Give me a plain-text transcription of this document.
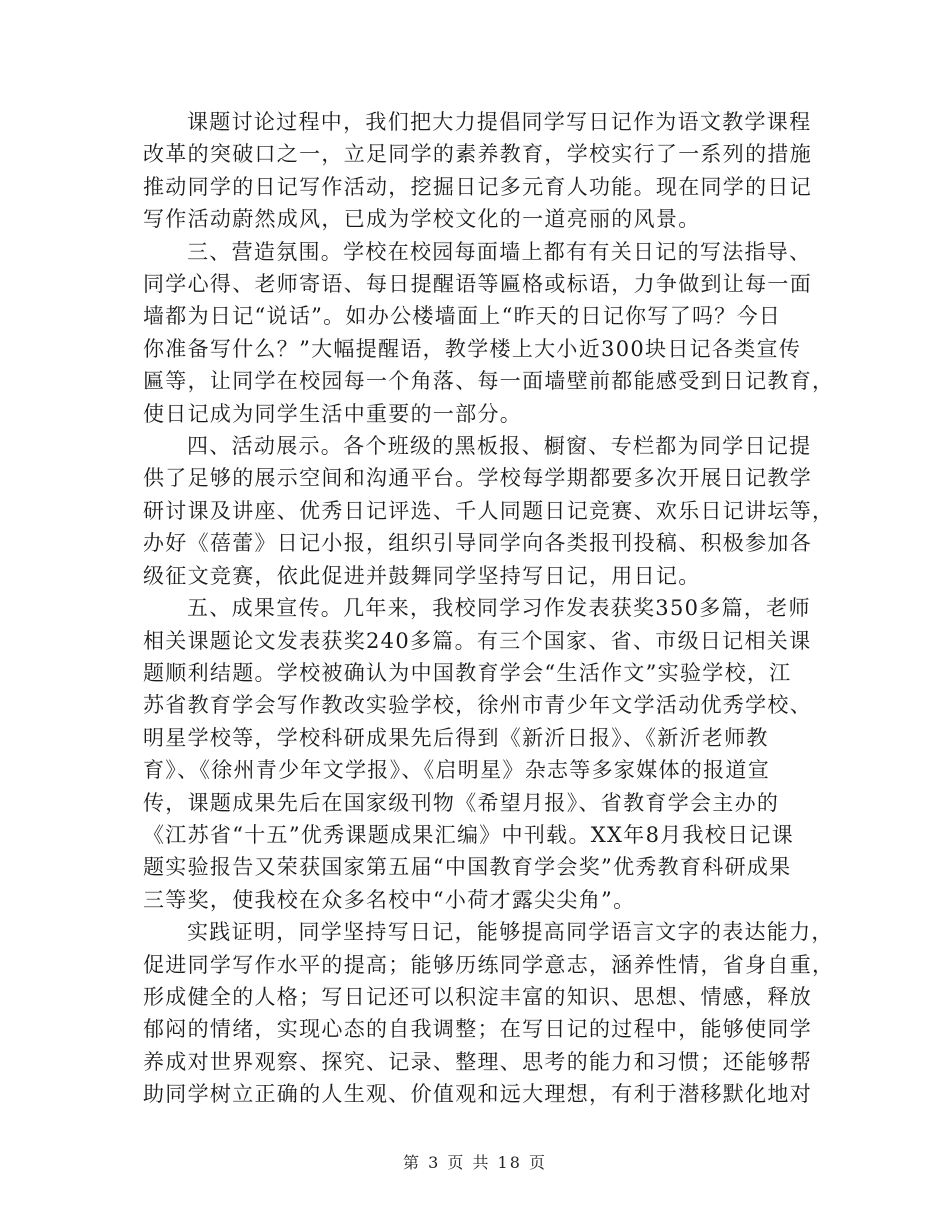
课题讨论过程中，我们把大力提倡同学写日记作为语文教学课程
改革的突破口之一，立足同学的素养教育，学校实行了一系列的措施
推动同学的日记写作活动，挖掘日记多元育人功能。现在同学的日记
写作活动蔚然成风，已成为学校文化的一道亮丽的风景。
三、营造氛围。学校在校园每面墙上都有有关日记的写法指导、
同学心得、老师寄语、每日提醒语等匾格或标语，力争做到让每一面
墙都为日记“说话”。如办公楼墙面上“昨天的日记你写了吗？今日
你准备写什么？”大幅提醒语，教学楼上大小近300块日记各类宣传
匾等，让同学在校园每一个角落、每一面墙壁前都能感受到日记教育，
使日记成为同学生活中重要的一部分。
四、活动展示。各个班级的黑板报、橱窗、专栏都为同学日记提
供了足够的展示空间和沟通平台。学校每学期都要多次开展日记教学
研讨课及讲座、优秀日记评选、千人同题日记竞赛、欢乐日记讲坛等，
办好《蓓蕾》日记小报，组织引导同学向各类报刊投稿、积极参加各
级征文竞赛，依此促进并鼓舞同学坚持写日记，用日记。
五、成果宣传。几年来，我校同学习作发表获奖350多篇，老师
相关课题论文发表获奖240多篇。有三个国家、省、市级日记相关课
题顺利结题。学校被确认为中国教育学会“生活作文”实验学校，江
苏省教育学会写作教改实验学校，徐州市青少年文学活动优秀学校、
明星学校等，学校科研成果先后得到《新沂日报》、《新沂老师教
育》、《徐州青少年文学报》、《启明星》杂志等多家媒体的报道宣
传，课题成果先后在国家级刊物《希望月报》、省教育学会主办的
《江苏省“十五”优秀课题成果汇编》中刊载。XX年8月我校日记课
题实验报告又荣获国家第五届“中国教育学会奖”优秀教育科研成果
三等奖，使我校在众多名校中“小荷才露尖尖角”。
实践证明，同学坚持写日记，能够提高同学语言文字的表达能力，
促进同学写作水平的提高；能够历练同学意志，涵养性情，省身自重，
形成健全的人格；写日记还可以积淀丰富的知识、思想、情感，释放
郁闷的情绪，实现心态的自我调整；在写日记的过程中，能够使同学
养成对世界观察、探究、记录、整理、思考的能力和习惯；还能够帮
助同学树立正确的人生观、价值观和远大理想，有利于潜移默化地对
第 3 页 共 18 页
